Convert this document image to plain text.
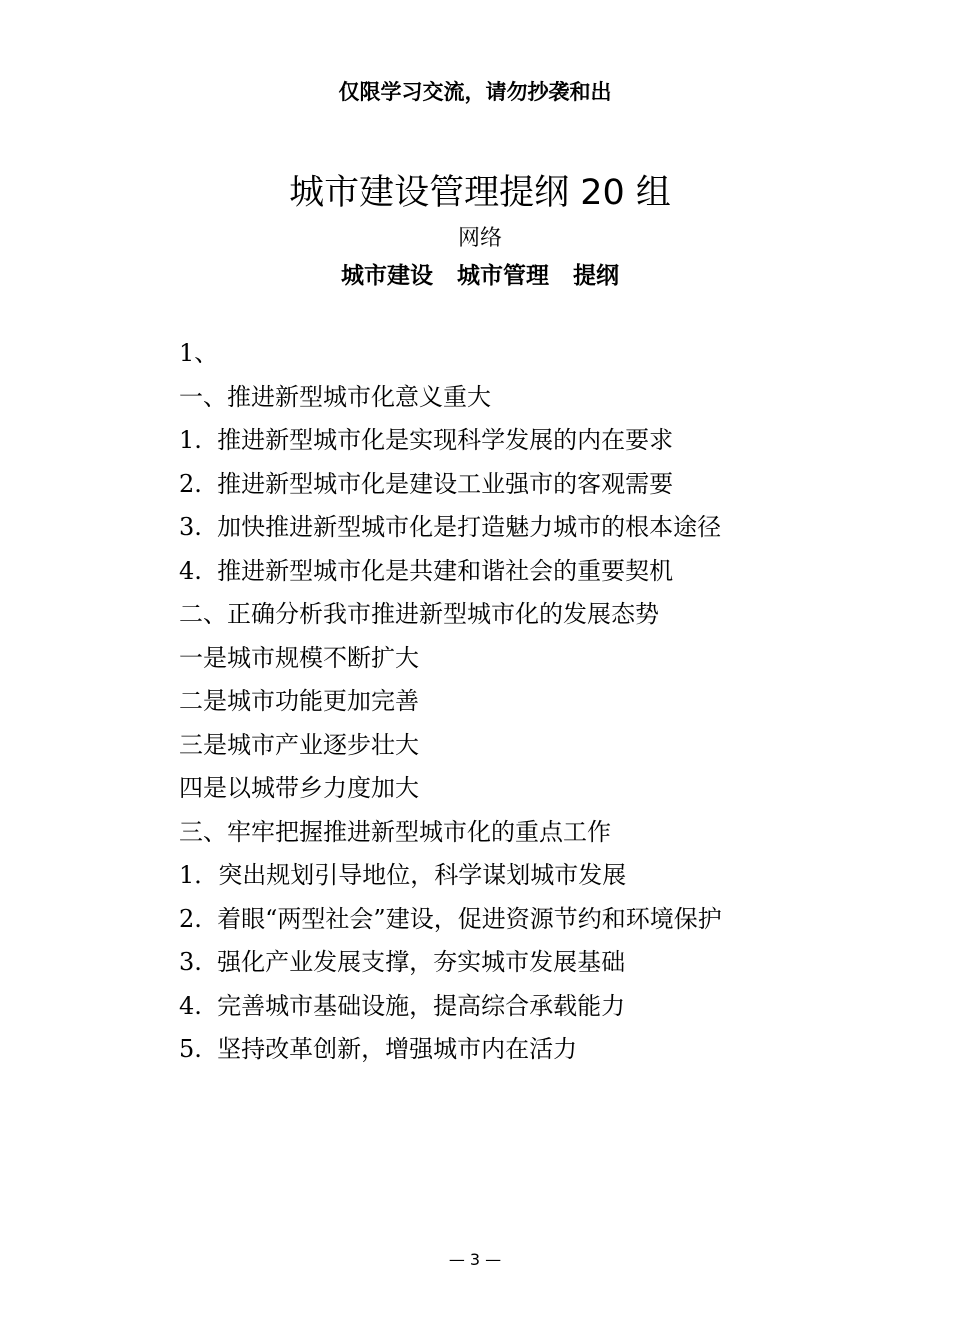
仅限学习交流，请勿抄袭和出
城市建设管理提纲 20 组
网络
城市建设   城市管理   提纲
1、
一、推进新型城市化意义重大
1.  推进新型城市化是实现科学发展的内在要求
2.  推进新型城市化是建设工业强市的客观需要
3.  加快推进新型城市化是打造魅力城市的根本途径
4.  推进新型城市化是共建和谐社会的重要契机
二、正确分析我市推进新型城市化的发展态势
一是城市规模不断扩大
二是城市功能更加完善
三是城市产业逐步壮大
四是以城带乡力度加大
三、牢牢把握推进新型城市化的重点工作
1．突出规划引导地位，科学谋划城市发展
2.  着眼“两型社会”建设，促进资源节约和环境保护
3.  强化产业发展支撑，夯实城市发展基础
4.  完善城市基础设施，提高综合承载能力
5.  坚持改革创新，增强城市内在活力
— 3 —
